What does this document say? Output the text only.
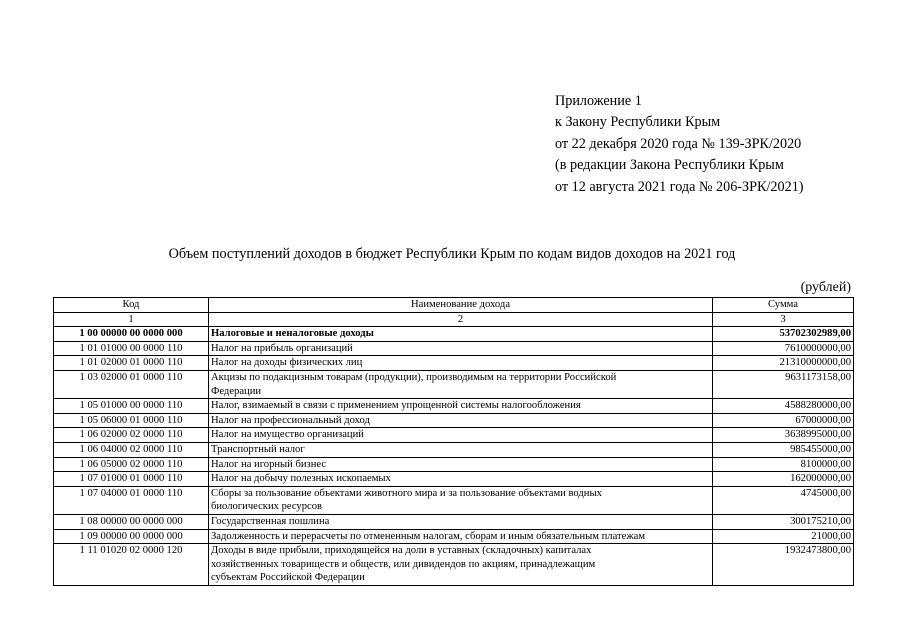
Приложение 1
к Закону Республики Крым
от 22 декабря 2020 года № 139-ЗРК/2020
(в редакции Закона Республики Крым
от 12 августа 2021 года № 206-ЗРК/2021)
Объем поступлений доходов в бюджет Республики Крым по кодам видов доходов на 2021 год
(рублей)
Код	Наименование дохода	Сумма
1	2	3
1 00 00000 00 0000 000	Налоговые и неналоговые доходы	53702302989,00
1 01 01000 00 0000 110	Налог на прибыль организаций	7610000000,00
1 01 02000 01 0000 110	Налог на доходы физических лиц	21310000000,00
1 03 02000 01 0000 110	Акцизы по подакцизным товарам (продукции), производимым на территории Российской
Федерации	9631173158,00
1 05 01000 00 0000 110	Налог, взимаемый в связи с применением упрощенной системы налогообложения	4588280000,00
1 05 06000 01 0000 110	Налог на профессиональный доход	67000000,00
1 06 02000 02 0000 110	Налог на имущество организаций	3638995000,00
1 06 04000 02 0000 110	Транспортный налог	985455000,00
1 06 05000 02 0000 110	Налог на игорный бизнес	8100000,00
1 07 01000 01 0000 110	Налог на добычу полезных ископаемых	162000000,00
1 07 04000 01 0000 110	Сборы за пользование объектами животного мира и за пользование объектами водных
биологических ресурсов	4745000,00
1 08 00000 00 0000 000	Государственная пошлина	300175210,00
1 09 00000 00 0000 000	Задолженность и перерасчеты по отмененным налогам, сборам и иным обязательным платежам	21000,00
1 11 01020 02 0000 120	Доходы в виде прибыли, приходящейся на доли в уставных (складочных) капиталах
хозяйственных товариществ и обществ, или дивидендов по акциям, принадлежащим
субъектам Российской Федерации	1932473800,00
